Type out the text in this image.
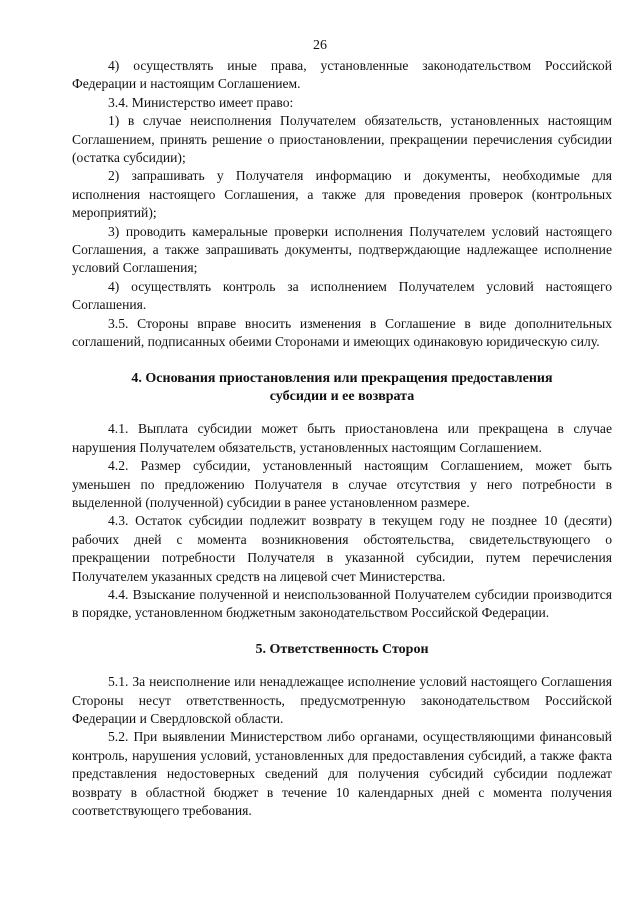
26

4) осуществлять иные права, установленные законодательством Российской Федерации и настоящим Соглашением.

3.4. Министерство имеет право:

1) в случае неисполнения Получателем обязательств, установленных настоящим Соглашением, принять решение о приостановлении, прекращении перечисления субсидии (остатка субсидии);

2) запрашивать у Получателя информацию и документы, необходимые для исполнения настоящего Соглашения, а также для проведения проверок (контрольных мероприятий);

3) проводить камеральные проверки исполнения Получателем условий настоящего Соглашения, а также запрашивать документы, подтверждающие надлежащее исполнение условий Соглашения;

4) осуществлять контроль за исполнением Получателем условий настоящего Соглашения.

3.5. Стороны вправе вносить изменения в Соглашение в виде дополнительных соглашений, подписанных обеими Сторонами и имеющих одинаковую юридическую силу.

4. Основания приостановления или прекращения предоставления

субсидии и ее возврата

4.1. Выплата субсидии может быть приостановлена или прекращена в случае нарушения Получателем обязательств, установленных настоящим Соглашением.

4.2. Размер субсидии, установленный настоящим Соглашением, может быть уменьшен по предложению Получателя в случае отсутствия у него потребности в выделенной (полученной) субсидии в ранее установленном размере.

4.3. Остаток субсидии подлежит возврату в текущем году не позднее 10 (десяти) рабочих дней с момента возникновения обстоятельства, свидетельствующего о прекращении потребности Получателя в указанной субсидии, путем перечисления Получателем указанных средств на лицевой счет Министерства.

4.4. Взыскание полученной и неиспользованной Получателем субсидии производится в порядке, установленном бюджетным законодательством Российской Федерации.

5. Ответственность Сторон

5.1. За неисполнение или ненадлежащее исполнение условий настоящего Соглашения Стороны несут ответственность, предусмотренную законодательством Российской Федерации и Свердловской области.

5.2. При выявлении Министерством либо органами, осуществляющими финансовый контроль, нарушения условий, установленных для предоставления субсидий, а также факта представления недостоверных сведений для получения субсидий субсидии подлежат возврату в областной бюджет в течение 10 календарных дней с момента получения соответствующего требования.
